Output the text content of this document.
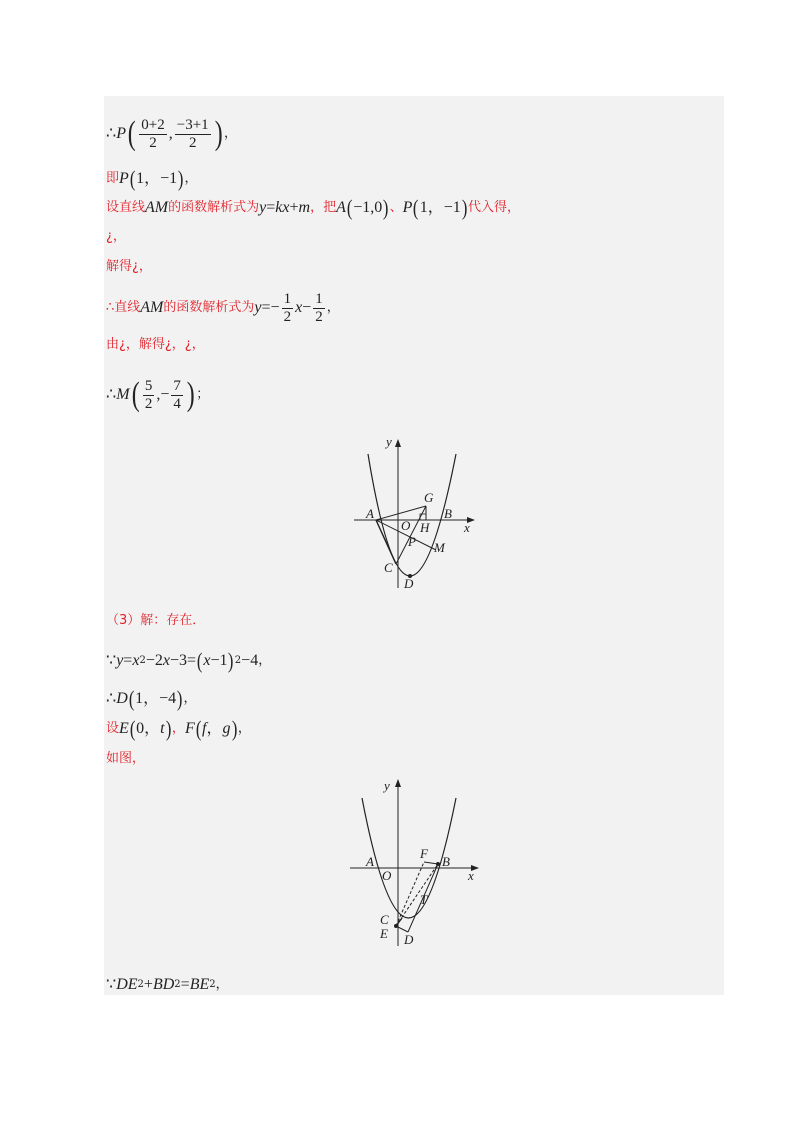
∴ P ( $\frac{0+2}{2}$ , $\frac{-3+1}{2}$ ) ，
即 P ( 1 ，−1 ) ，
设直线 AM 的函数解析式为 y = kx + m ，把 A ( −1,0 ) 、 P ( 1，−1 ) 代入得，
¿，
解得¿，
∴直线 AM 的函数解析式为 $y =- \frac{1}{2}$ $x - \frac{1}{2}$ ，
由¿，解得¿，¿，
∴ M ( $\frac{5}{2}$ ,− $\frac{7}{4}$ ) ；
y
x
A	B
G
O H
P M
C
D
（3）解：存在．
∵ y = x 2 −2 x −3= ( x −1 ) 2 −4 ，
∴ D ( 1 ，−4 ) ，
设 E ( 0， t ) ， F ( f ， g ) ，
如图，
y
x
A
O
F
B
T
C
E D
∵ D E 2 + B D 2 = B E 2 ，
